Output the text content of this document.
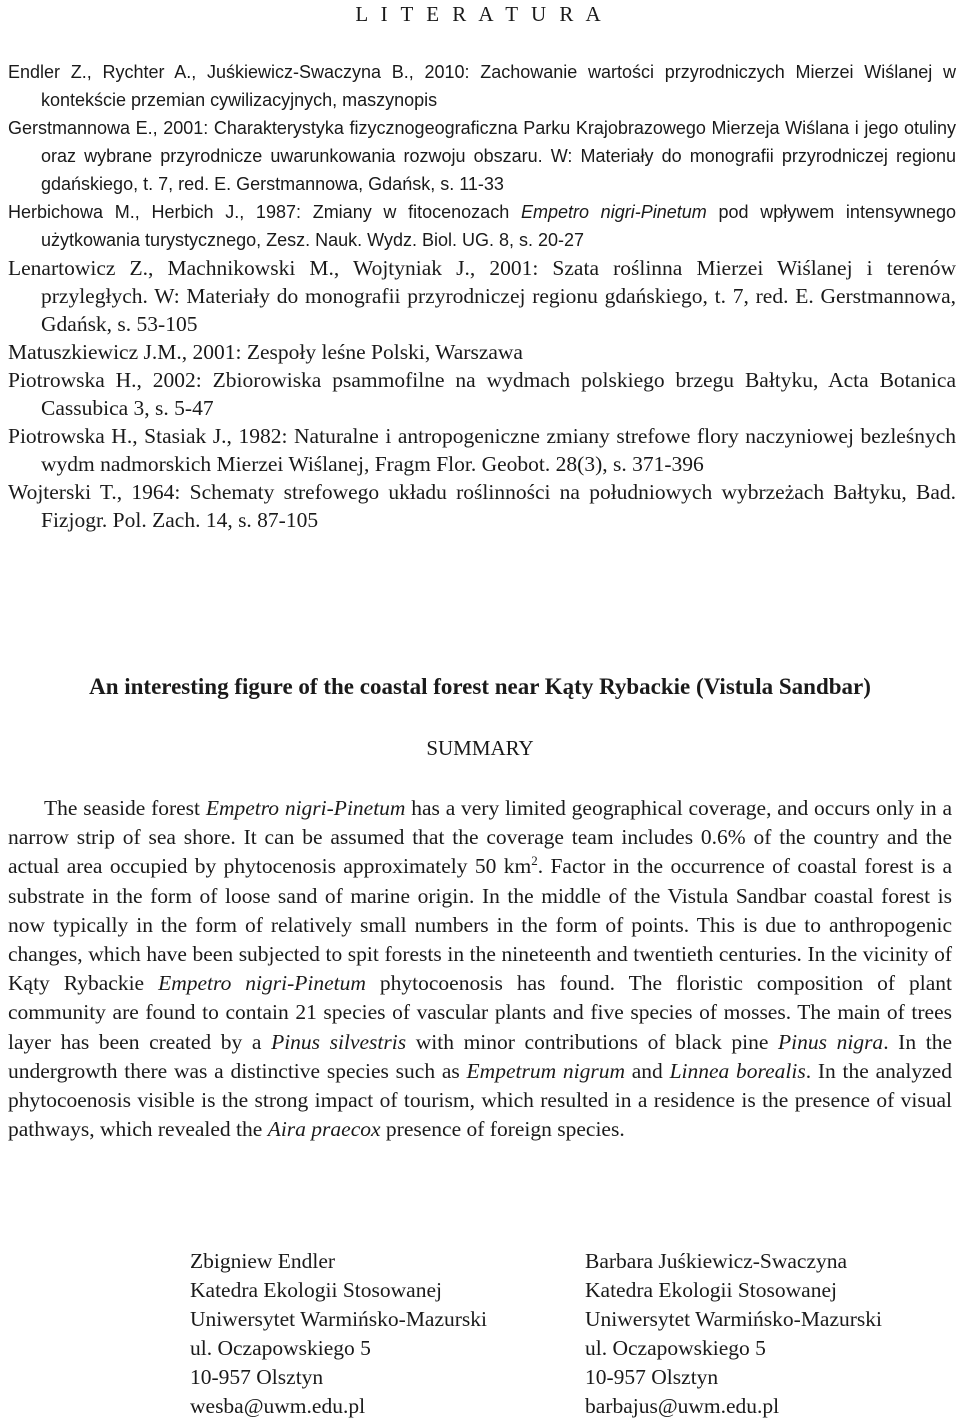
L I T E R A T U R A

Endler Z., Rychter A., Juśkiewicz-Swaczyna B., 2010: Zachowanie wartości przyrodniczych Mierzei Wiślanej w kontekście przemian cywilizacyjnych, maszynopis

Gerstmannowa E., 2001: Charakterystyka fizycznogeograficzna Parku Krajobrazowego Mierzeja Wiślana i jego otuliny oraz wybrane przyrodnicze uwarunkowania rozwoju obszaru. W: Materiały do monografii przyrodniczej regionu gdańskiego, t. 7, red. E. Gerstmannowa, Gdańsk, s. 11-33

Herbichowa M., Herbich J., 1987: Zmiany w fitocenozach Empetro nigri-Pinetum pod wpływem intensywnego użytkowania turystycznego, Zesz. Nauk. Wydz. Biol. UG. 8, s. 20-27

Lenartowicz Z., Machnikowski M., Wojtyniak J., 2001: Szata roślinna Mierzei Wiślanej i terenów przyległych. W: Materiały do monografii przyrodniczej regionu gdańskiego, t. 7, red. E. Gerstmannowa, Gdańsk, s. 53-105

Matuszkiewicz J.M., 2001: Zespoły leśne Polski, Warszawa

Piotrowska H., 2002: Zbiorowiska psammofilne na wydmach polskiego brzegu Bałtyku, Acta Botanica Cassubica 3, s. 5-47

Piotrowska H., Stasiak J., 1982: Naturalne i antropogeniczne zmiany strefowe flory naczyniowej bezleśnych wydm nadmorskich Mierzei Wiślanej, Fragm Flor. Geobot. 28(3), s. 371-396

Wojterski T., 1964: Schematy strefowego układu roślinności na południowych wybrzeżach Bałtyku, Bad. Fizjogr. Pol. Zach. 14, s. 87-105

An interesting figure of the coastal forest near Kąty Rybackie (Vistula Sandbar)
SUMMARY

The seaside forest Empetro nigri-Pinetum has a very limited geographical coverage, and occurs only in a narrow strip of sea shore. It can be assumed that the coverage team includes 0.6% of the country and the actual area occupied by phytocenosis approximately 50 $km^2$. Factor in the occurrence of coastal forest is a substrate in the form of loose sand of marine origin. In the middle of the Vistula Sandbar coastal forest is now typically in the form of relatively small numbers in the form of points. This is due to anthropogenic changes, which have been subjected to spit forests in the nineteenth and twentieth centuries. In the vicinity of Kąty Rybackie Empetro nigri-Pinetum phytocoenosis has found. The floristic composition of plant community are found to contain 21 species of vascular plants and five species of mosses. The main of trees layer has been created by a Pinus silvestris with minor contributions of black pine Pinus nigra. In the undergrowth there was a distinctive species such as Empetrum nigrum and Linnea borealis. In the analyzed phytocoenosis visible is the strong impact of tourism, which resulted in a residence is the presence of visual pathways, which revealed the Aira praecox presence of foreign species.

Zbigniew Endler
Katedra Ekologii Stosowanej
Uniwersytet Warmińsko-Mazurski
ul. Oczapowskiego 5
10-957 Olsztyn
wesba@uwm.edu.pl
Barbara Juśkiewicz-Swaczyna
Katedra Ekologii Stosowanej
Uniwersytet Warmińsko-Mazurski
ul. Oczapowskiego 5
10-957 Olsztyn
barbajus@uwm.edu.pl
